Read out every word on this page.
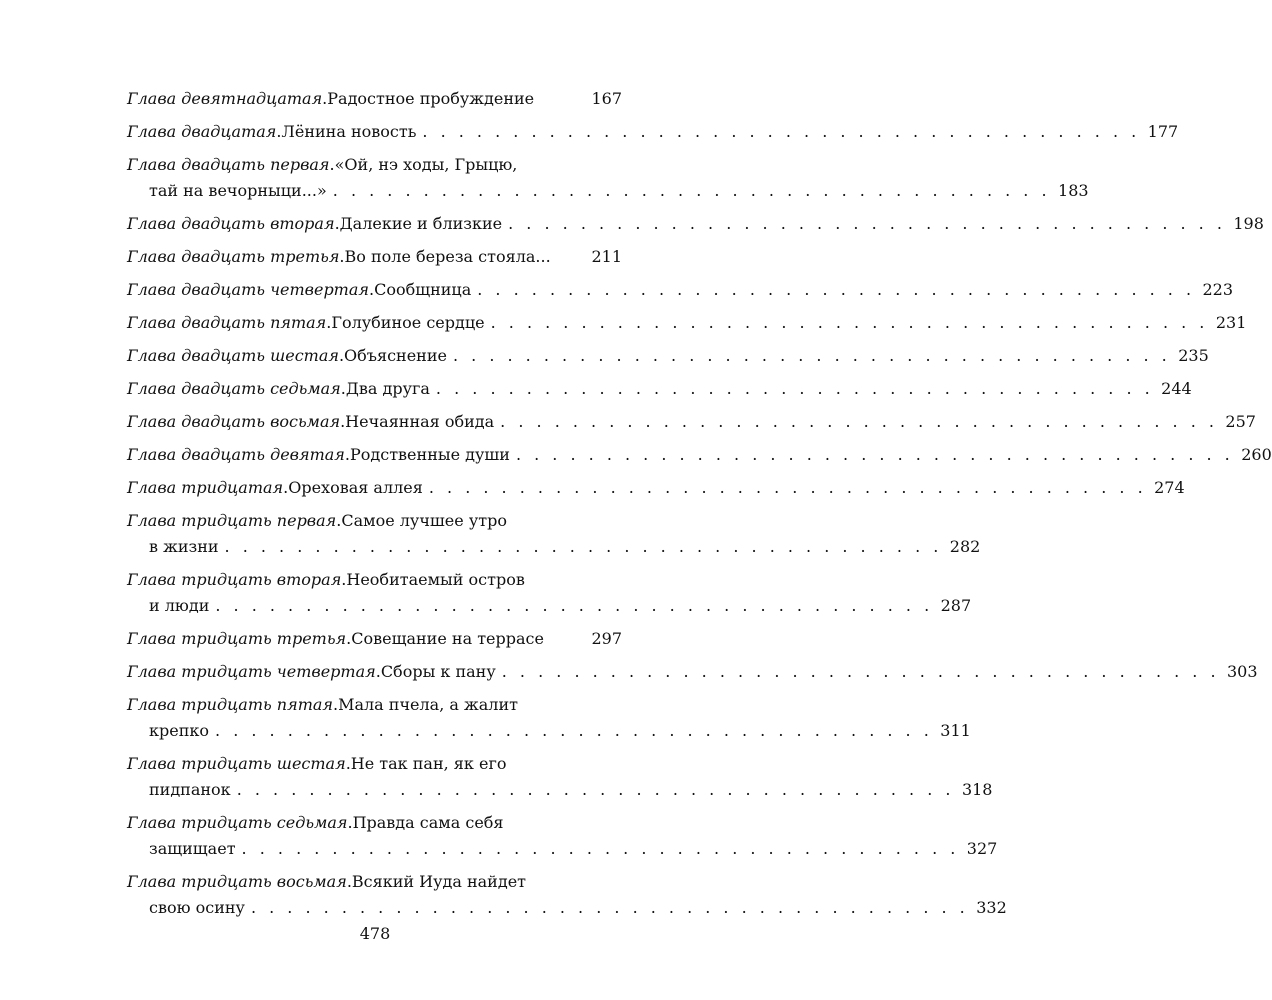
Глава девятнадцатая . Радостное пробуждение	167
Глава двадцатая . Лёнина новость . . . . . . . . . . . . . . . . . . . . . . . . . . . . . . . . . . . . . . . . 177
Глава двадцать первая . «Ой, нэ ходы, Грыцю,
тай на вечорныци...» . . . . . . . . . . . . . . . . . . . . . . . . . . . . . . . . . . . . . . . . 183
Глава двадцать вторая . Далекие и близкие . . . . . . . . . . . . . . . . . . . . . . . . . . . . . . . . . . . . . . . . 198
Глава двадцать третья . Во поле береза стояла...	211
Глава двадцать четвертая . Сообщница . . . . . . . . . . . . . . . . . . . . . . . . . . . . . . . . . . . . . . . . 223
Глава двадцать пятая . Голубиное сердце . . . . . . . . . . . . . . . . . . . . . . . . . . . . . . . . . . . . . . . . 231
Глава двадцать шестая . Объяснение . . . . . . . . . . . . . . . . . . . . . . . . . . . . . . . . . . . . . . . . 235
Глава двадцать седьмая . Два друга . . . . . . . . . . . . . . . . . . . . . . . . . . . . . . . . . . . . . . . . 244
Глава двадцать восьмая . Нечаянная обида . . . . . . . . . . . . . . . . . . . . . . . . . . . . . . . . . . . . . . . . 257
Глава двадцать девятая . Родственные души . . . . . . . . . . . . . . . . . . . . . . . . . . . . . . . . . . . . . . . . 260
Глава тридцатая . Ореховая аллея . . . . . . . . . . . . . . . . . . . . . . . . . . . . . . . . . . . . . . . . 274
Глава тридцать первая . Самое лучшее утро
в жизни . . . . . . . . . . . . . . . . . . . . . . . . . . . . . . . . . . . . . . . . 282
Глава тридцать вторая . Необитаемый остров
и люди . . . . . . . . . . . . . . . . . . . . . . . . . . . . . . . . . . . . . . . . 287
Глава тридцать третья . Совещание на террасе	297
Глава тридцать четвертая . Сборы к пану . . . . . . . . . . . . . . . . . . . . . . . . . . . . . . . . . . . . . . . . 303
Глава тридцать пятая . Мала пчела, а жалит
крепко . . . . . . . . . . . . . . . . . . . . . . . . . . . . . . . . . . . . . . . . 311
Глава тридцать шестая . Не так пан, як его
пидпанок . . . . . . . . . . . . . . . . . . . . . . . . . . . . . . . . . . . . . . . . 318
Глава тридцать седьмая . Правда сама себя
защищает . . . . . . . . . . . . . . . . . . . . . . . . . . . . . . . . . . . . . . . . 327
Глава тридцать восьмая . Всякий Иуда найдет
свою осину . . . . . . . . . . . . . . . . . . . . . . . . . . . . . . . . . . . . . . . . 332
478
